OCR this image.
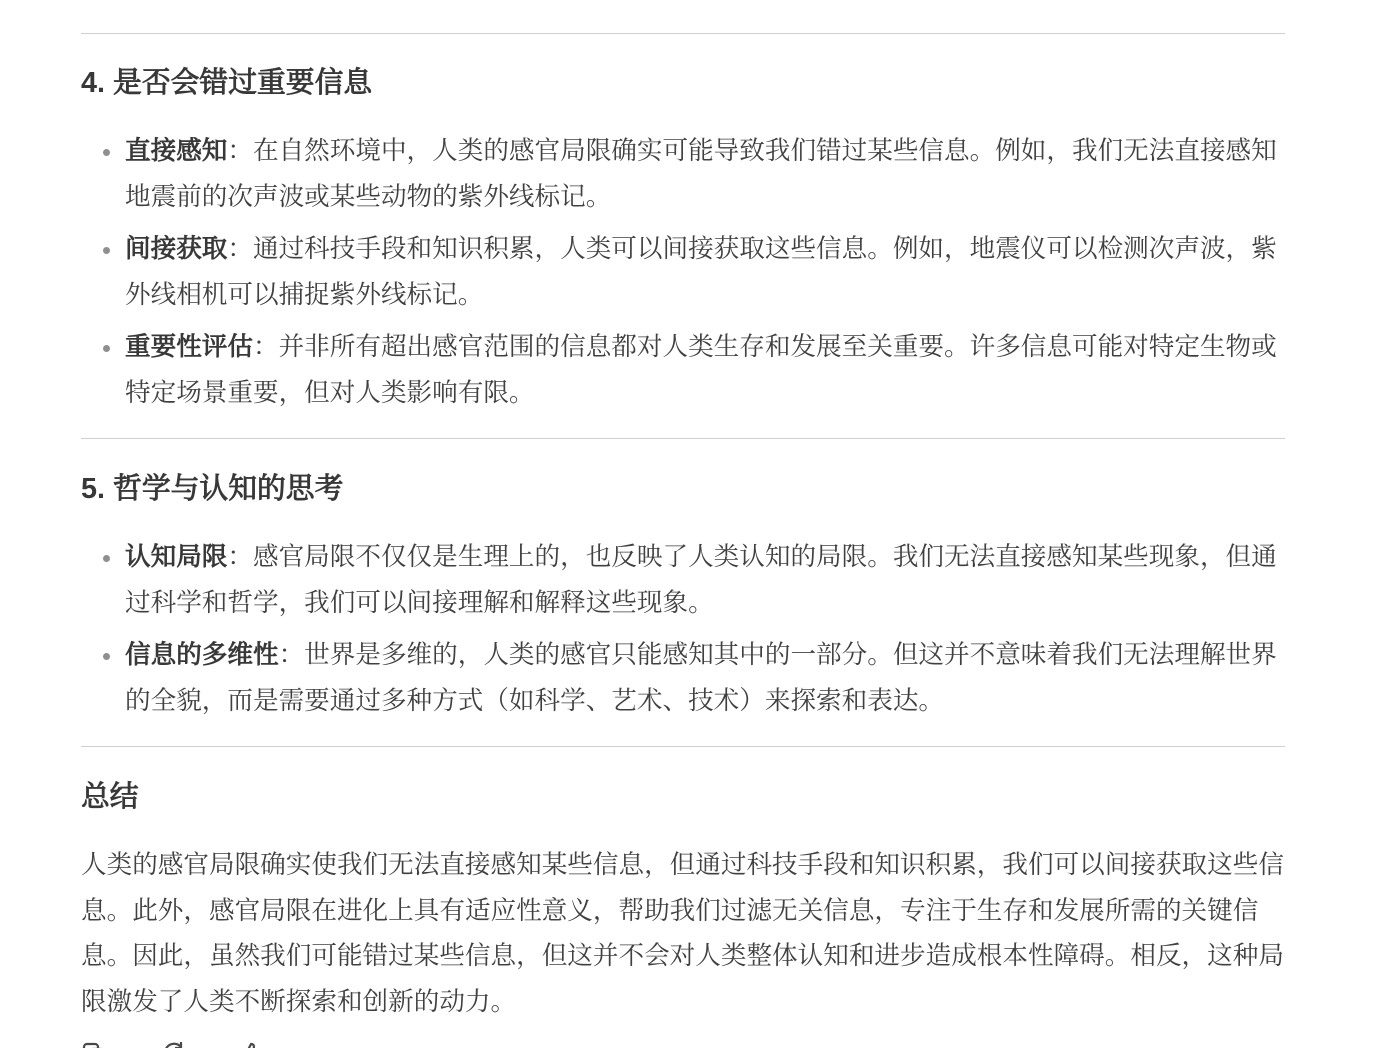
4. 是否会错过重要信息
直接感知：在自然环境中，人类的感官局限确实可能导致我们错过某些信息。例如，我们无法直接感知地震前的次声波或某些动物的紫外线标记。
间接获取：通过科技手段和知识积累，人类可以间接获取这些信息。例如，地震仪可以检测次声波，紫外线相机可以捕捉紫外线标记。
重要性评估：并非所有超出感官范围的信息都对人类生存和发展至关重要。许多信息可能对特定生物或特定场景重要，但对人类影响有限。
5. 哲学与认知的思考
认知局限：感官局限不仅仅是生理上的，也反映了人类认知的局限。我们无法直接感知某些现象，但通过科学和哲学，我们可以间接理解和解释这些现象。
信息的多维性：世界是多维的，人类的感官只能感知其中的一部分。但这并不意味着我们无法理解世界的全貌，而是需要通过多种方式（如科学、艺术、技术）来探索和表达。
总结

人类的感官局限确实使我们无法直接感知某些信息，但通过科技手段和知识积累，我们可以间接获取这些信息。此外，感官局限在进化上具有适应性意义，帮助我们过滤无关信息，专注于生存和发展所需的关键信息。因此，虽然我们可能错过某些信息，但这并不会对人类整体认知和进步造成根本性障碍。相反，这种局限激发了人类不断探索和创新的动力。
